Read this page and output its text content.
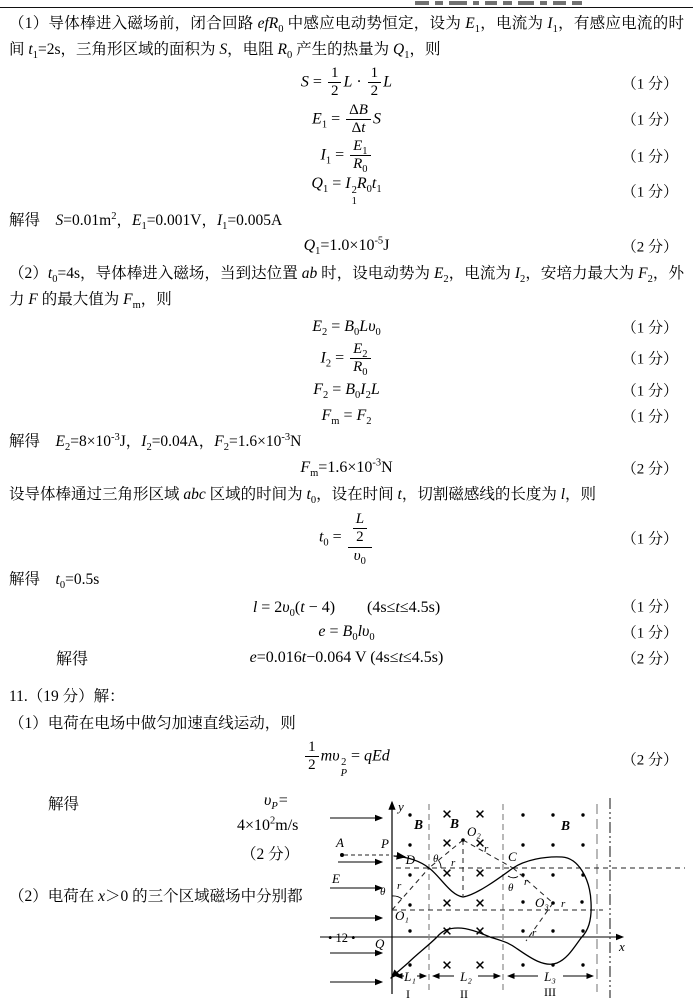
（1）导体棒进入磁场前，闭合回路 efR$_0$ 中感应电动势恒定，设为 $E_1$，电流为 $I_1$，有感应电流的时间 $t_1=2s$，三角形区域的面积为 S，电阻 $R_0$ 产生的热量为 $Q_1$，则

$S = \frac{1}{2}$ $L \cdot \frac{1}{2}$ L	（1 分）
$E_1 = \frac{\Delta B}{\Delta t}$ S	（1 分）
$I_1 = \frac{E_1}{R_0}$	（1 分）
$Q_1 = I$ 2
1
$R_0t_1$	（1 分）

解得　$S=0.01m^2$，$E_1=0.001V$，$I_1=0.005A$

$Q_1=1.0\times 10^{-5}J$	（2 分）

$(2)t_0=4s$，导体棒进入磁场，当到达位置 ab 时，设电动势为 $E_2$，电流为 $I_2$，安培力最大为 $F_2$，外力 F 的最大值为 $F_m$，则

$E_2 = B_0L\upsilon_0$	（1 分）
$I_2 = \frac{E_2}{R_0}$	（1 分）
$F_2 = B_0I_2L$	（1 分）
$F_m = F_2$	（1 分）

解得　$E_2=8\times 10^{-3}J$，$I_2=0.04A$，$F_2=1.6\times 10^{-3}N$

$F_m=1.6\times 10^{-3}N$	（2 分）

设导体棒通过三角形区域 abc 区域的时间为 $t_0$，设在时间 t，切割磁感线的长度为 l，则

$t_0 = \frac{\frac{L}{2}}{\upsilon_0}$	（1 分）

解得　$t_0=0.5s$

$l = 2\upsilon_0(t - 4)$　　(4s≤t≤4.5s)	（1 分）
$e = B_0l\upsilon_0$	（1 分）
解得	e=0.016t−0.064 V (4s≤t≤4.5s)	（2 分）

11.（19 分）解：

（1）电荷在电场中做匀加速直线运动，则

$\frac{1}{2}$ mυ 2
P
= qEd	（2 分）
解得	$\upsilon_P=$
$4\times 10^2m/s$
（2 分）
（2）电荷在 x＞0 的三个区域磁场中分别都
y
x
A	P
E
Q
B B	B
D	C
O₁
O₂
O₃
θ
θ
θ
r
r
r
r
r
r
L₁	L₂	L₃
I	II	III
• 12 •
